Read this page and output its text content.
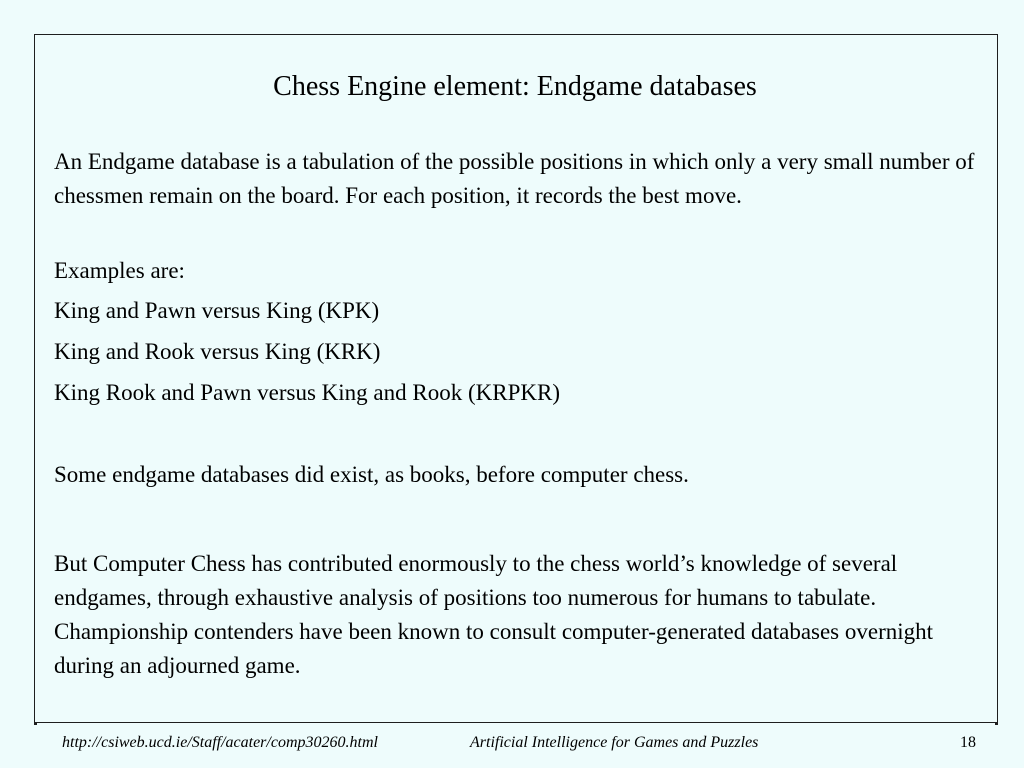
Chess Engine element: Endgame databases

An Endgame database is a tabulation of the possible positions in which only a very small number of chessmen remain on the board. For each position, it records the best move.

Examples are:

King and Pawn versus King (KPK)

King and Rook versus King (KRK)

King Rook and Pawn versus King and Rook (KRPKR)

Some endgame databases did exist, as books, before computer chess.

But Computer Chess has contributed enormously to the chess world’s knowledge of several endgames, through exhaustive analysis of positions too numerous for humans to tabulate. Championship contenders have been known to consult computer-generated databases overnight during an adjourned game.

http://csiweb.ucd.ie/Staff/acater/comp30260.html	Artificial Intelligence for Games and Puzzles	18
